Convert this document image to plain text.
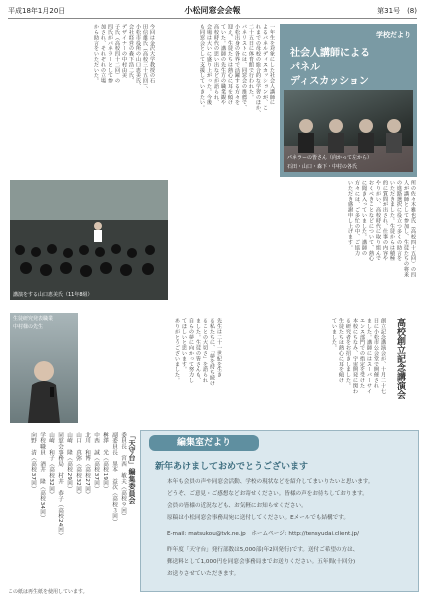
平成18年1月20日	小松同窓会会報	第31号　(8)
一年生を対象にした社会人講師に
よるパネルディスカッションが、こ
れまでの母校の総合的な学習のほか、
二十五日に体育館で行われた。
パネリストには、同窓会の推薦で、
小松出身の各界で活躍する方々を
迎え、生徒たちは熱心に耳を傾け
ていた。講師の先生方の職業観や
高校時代の思い出などが語られ、
会場は大いに盛り上がった。今後
も同窓会として支援していきたい。
今回は金沢大学教授の石
田信雄氏（高校三十五回）、
小松市役所の山口恵美氏、
会社経営の森下浩二氏、
デザイナーの中村由美
子氏（高校四十二回）の
四氏がパネラーとして参
加され、それぞれの立場
から助言をいただいた。	学校だより
社会人講師による
パネル
ディスカッション
パネラーの皆さん（向かって左から）
石田・山口・森下・中村の各氏
講演をする山口恵美氏（11年8組）
所の佐々木雅也氏（高校四十五回）の四
人が講師として参加し、生徒たちの将来
の進路選択に役立つ多くの助言を
いただきました。生徒からは積極
的に質問が出され、仕事の内容や
やりがい、高校時代に取り組んで
おくべきことなどについて、熱心
に聞き入っていました。講師の
方々には、ご多忙の中、ご協力
いただき感謝申し上げます。
生徒研究発表職業
中村様の先生	高校創立記念講演会
創立記念講演会が、十月二十七
日に小松市公会堂で開催され
ました。講師にはスーパーサイ
エンス部門での指定を受けた
本校にちなみ、宇宙開発に関わ
る研究者をお招きしました。
生徒たちは熱心に耳を傾け
ていました。
先生は二十一世紀を生き
る私たちに、「夢を持ち続け
ることの大切さ」を語られ
ました。生徒の皆さんも、
自らの夢に向かって努力し
てほしいと思います。
ありがとうございました。
「天守台」編集委員会
委員長　宮西　敏夫（高校９回）
副委員長　黒本　益次（高校３回）
桝澤　光（高校19回）
中西　誠（高校37回）
北川　和博（高校27回）
山口　真弥（高校32回）
山崎　隆（高校29回）
同窓会事務局　村井　恭子（高校24回）
山崎　和子（高校32回）
学校職員　酒井　隆（高校34回）
向野　清（高校37回）	編集室だより
新年あけましておめでとうございます
本年も会員の声や同窓会活動、学校の現状などを紹介してまいりたいと思います。
どうぞ、ご意見・ご感想などお寄せください。皆様の声をお待ちしております。
会員の皆様の近況なども、お気軽にお知らせください。
原稿は小松同窓会事務局宛に送付してください。Eメールでも結構です。
E-mail: matsukou@tvk.ne.jp　ホームページ: http://tensyudai.client.jp/
昨年度「天守台」発行部数は5,000部(年2回発行)です。送付ご希望の方は、
郵送料として1,000円を同窓会事務局までお送りください。五年間(十回分)
お送りさせていただきます。
この紙は再生紙を使用しています。
